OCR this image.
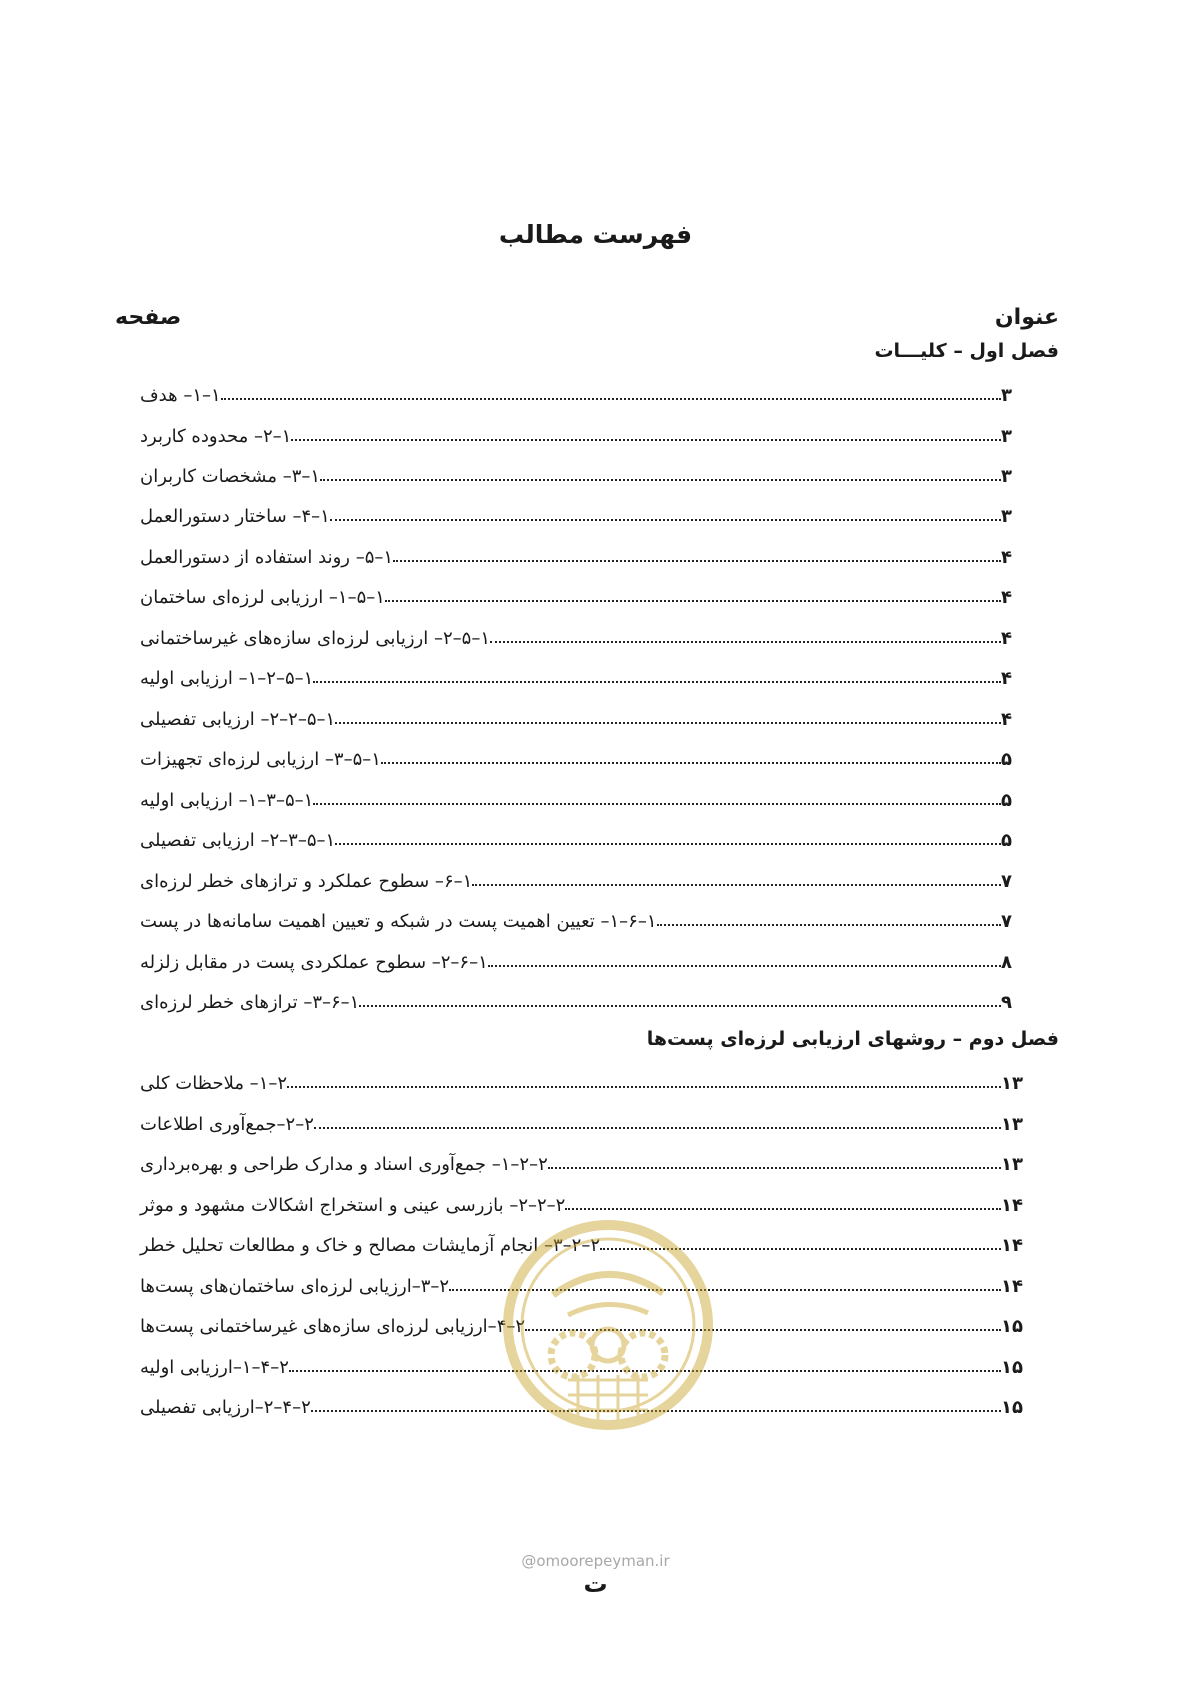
فهرست مطالب
عنوان
صفحه
فصل اول – کلیـــات
۱–۱– هدف	۳
۱–۲– محدوده کاربرد	۳
۱–۳– مشخصات کاربران	۳
۱–۴– ساختار دستورالعمل	۳
۱–۵– روند استفاده از دستورالعمل	۴
۱–۵–۱– ارزیابی لرزه‌ای ساختمان	۴
۱–۵–۲– ارزیابی لرزه‌ای سازه‌های غیرساختمانی	۴
۱–۵–۲–۱– ارزیابی اولیه	۴
۱–۵–۲–۲– ارزیابی تفصیلی	۴
۱–۵–۳– ارزیابی لرزه‌ای تجهیزات	۵
۱–۵–۳–۱– ارزیابی اولیه	۵
۱–۵–۳–۲– ارزیابی تفصیلی	۵
۱–۶– سطوح عملکرد و ترازهای خطر لرزه‌ای	۷
۱–۶–۱– تعیین اهمیت پست در شبکه و تعیین اهمیت سامانه‌ها در پست	۷
۱–۶–۲– سطوح عملکردی پست در مقابل زلزله	۸
۱–۶–۳– ترازهای خطر لرزه‌ای	۹
فصل دوم – روشهای ارزیابی لرزه‌ای پست‌ها
۲–۱– ملاحظات کلی	۱۳
۲–۲–جمع‌آوری اطلاعات	۱۳
۲–۲–۱– جمع‌آوری اسناد و مدارک طراحی و بهره‌برداری	۱۳
۲–۲–۲– بازرسی عینی و استخراج اشکالات مشهود و موثر	۱۴
۲–۲–۳– انجام آزمایشات مصالح و خاک و مطالعات تحلیل خطر	۱۴
۲–۳–ارزیابی لرزه‌ای ساختمان‌های پست‌ها	۱۴
۲–۴–ارزیابی لرزه‌ای سازه‌های غیرساختمانی پست‌ها	۱۵
۲–۴–۱–ارزیابی اولیه	۱۵
۲–۴–۲–ارزیابی تفصیلی	۱۵
@omoorepeyman.ir
ت
